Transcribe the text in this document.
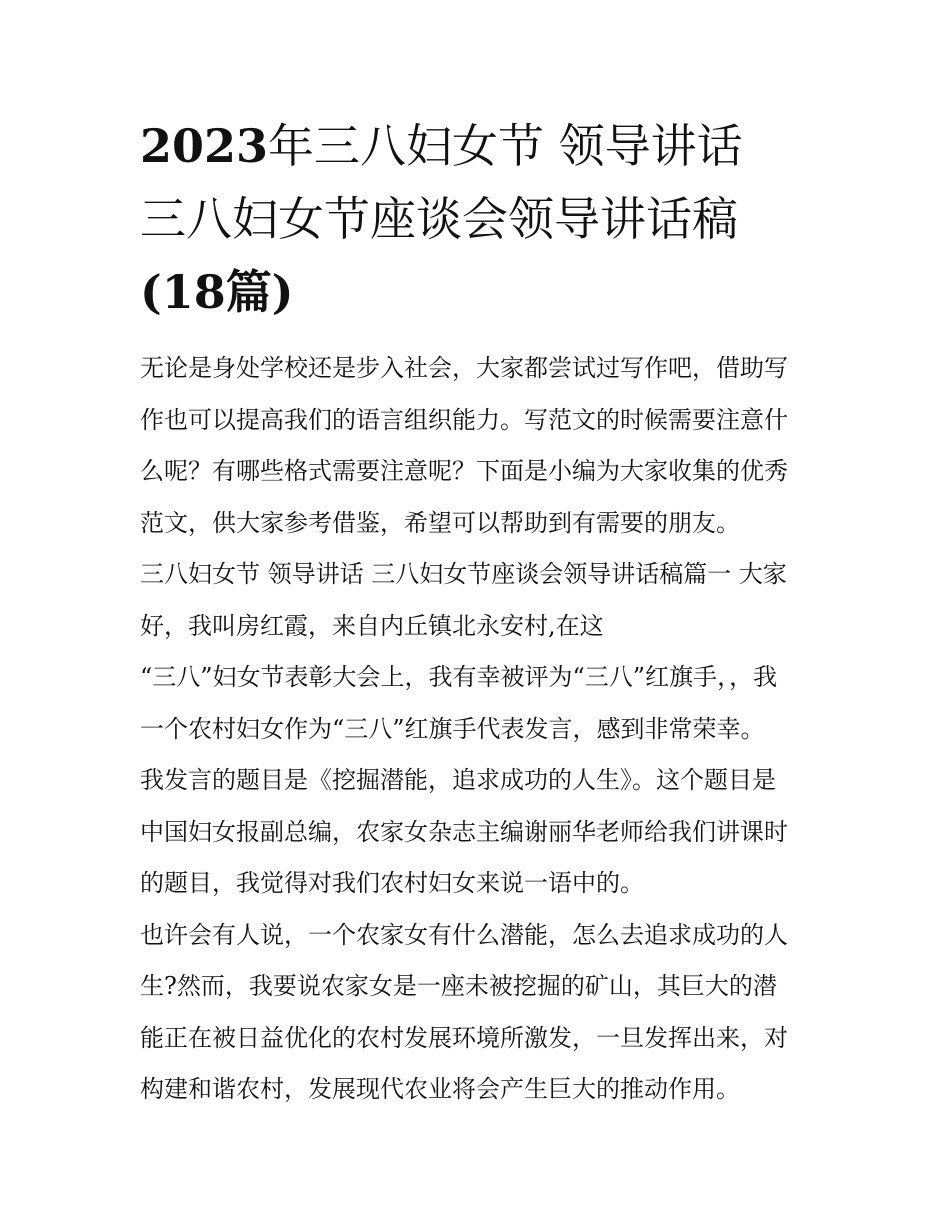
2023年三八妇女节 领导讲话
三八妇女节座谈会领导讲话稿
(18篇)

无论是身处学校还是步入社会，大家都尝试过写作吧，借助写
作也可以提高我们的语言组织能力。写范文的时候需要注意什
么呢？有哪些格式需要注意呢？下面是小编为大家收集的优秀
范文，供大家参考借鉴，希望可以帮助到有需要的朋友。

三八妇女节 领导讲话 三八妇女节座谈会领导讲话稿篇一 大家
好，我叫房红霞，来自内丘镇北永安村,在这
“三八”妇女节表彰大会上，我有幸被评为“三八”红旗手，，我
一个农村妇女作为“三八”红旗手代表发言，感到非常荣幸。

我发言的题目是《挖掘潜能，追求成功的人生》。这个题目是
中国妇女报副总编，农家女杂志主编谢丽华老师给我们讲课时
的题目，我觉得对我们农村妇女来说一语中的。

也许会有人说，一个农家女有什么潜能，怎么去追求成功的人
生?然而，我要说农家女是一座未被挖掘的矿山，其巨大的潜
能正在被日益优化的农村发展环境所激发，一旦发挥出来，对
构建和谐农村，发展现代农业将会产生巨大的推动作用。
